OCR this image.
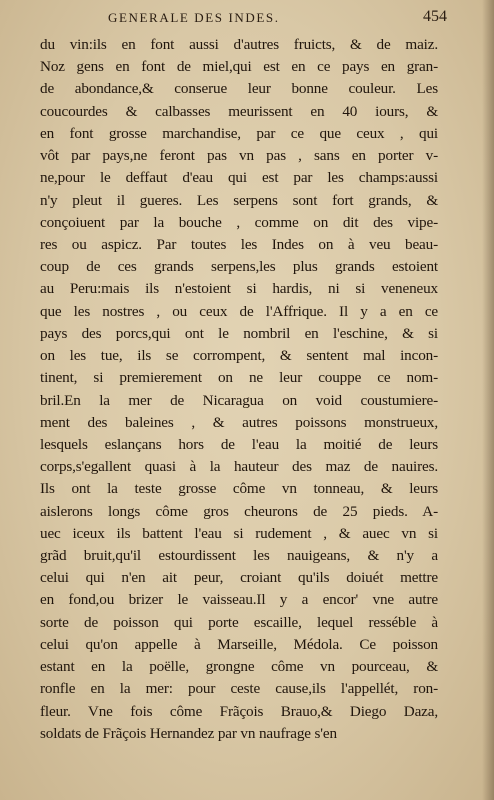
GENERALE DES INDES.	454
du vin:ils en font aussi d'autres fruicts, & de maiz.
Noz gens en font de miel,qui est en ce pays en gran-
de abondance,& conserue leur bonne couleur. Les
coucourdes & calbasses meurissent en 40 iours, &
en font grosse marchandise, par ce que ceux , qui
vôt par pays,ne feront pas vn pas , sans en porter v-
ne,pour le deffaut d'eau qui est par les champs:aussi
n'y pleut il gueres. Les serpens sont fort grands, &
conçoiuent par la bouche , comme on dit des vipe-
res ou aspicz. Par toutes les Indes on à veu beau-
coup de ces grands serpens,les plus grands estoient
au Peru:mais ils n'estoient si hardis, ni si veneneux
que les nostres , ou ceux de l'Affrique. Il y a en ce
pays des porcs,qui ont le nombril en l'eschine, & si
on les tue, ils se corrompent, & sentent mal incon-
tinent, si premierement on ne leur couppe ce nom-
bril.En la mer de Nicaragua on void coustumiere-
ment des baleines , & autres poissons monstrueux,
lesquels eslançans hors de l'eau la moitié de leurs
corps,s'egallent quasi à la hauteur des maz de nauires.
Ils ont la teste grosse côme vn tonneau, & leurs
aislerons longs côme gros cheurons de 25 pieds. A-
uec iceux ils battent l'eau si rudement , & auec vn si
grãd bruit,qu'il estourdissent les nauigeans, & n'y a
celui qui n'en ait peur, croiant qu'ils doiuét mettre
en fond,ou brizer le vaisseau.Il y a encor' vne autre
sorte de poisson qui porte escaille, lequel resséble à
celui qu'on appelle à Marseille, Médola. Ce poisson
estant en la poëlle, grongne côme vn pourceau, &
ronfle en la mer: pour ceste cause,ils l'appellét, ron-
fleur. Vne fois côme Frãçois Brauo,& Diego Daza,
soldats de Frãçois Hernandez par vn naufrage s'en
